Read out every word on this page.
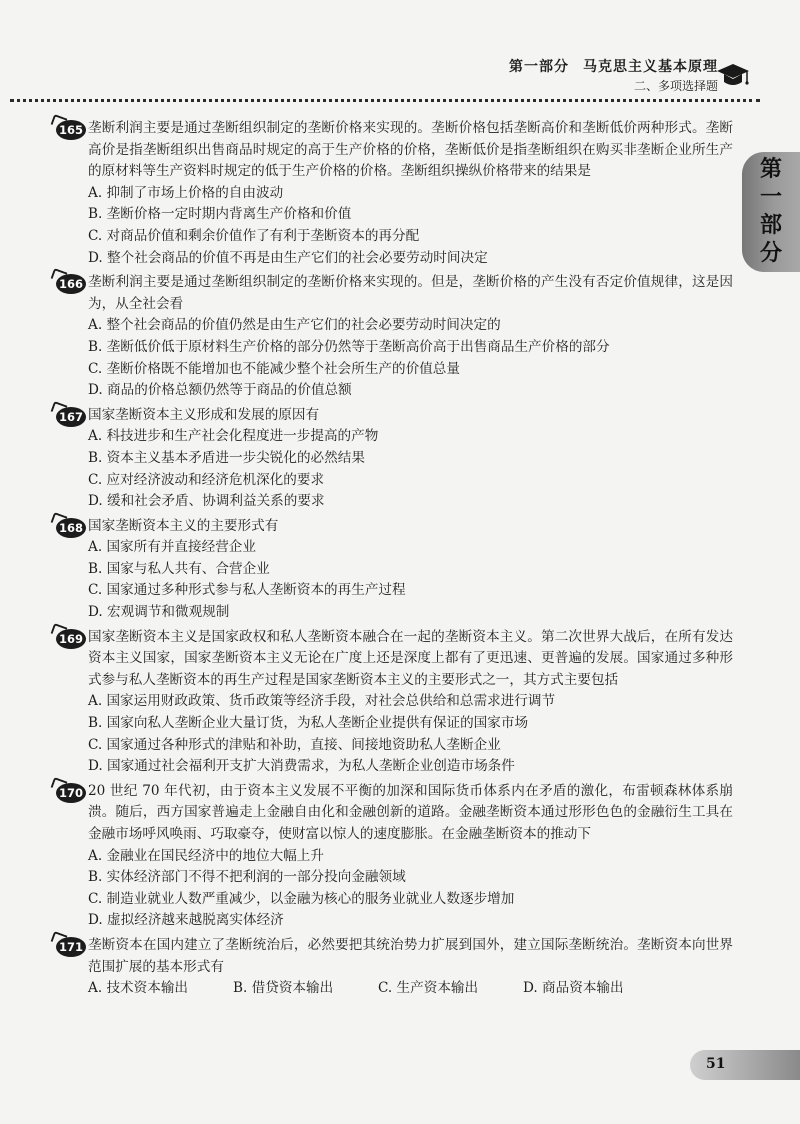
第一部分 马克思主义基本原理
二、多项选择题
第
一
部
分
165 垄断利润主要是通过垄断组织制定的垄断价格来实现的。垄断价格包括垄断高价和垄断低价两种形式。垄断高价是指垄断组织出售商品时规定的高于生产价格的价格，垄断低价是指垄断组织在购买非垄断企业所生产的原材料等生产资料时规定的低于生产价格的价格。垄断组织操纵价格带来的结果是
A. 抑制了市场上价格的自由波动
B. 垄断价格一定时期内背离生产价格和价值
C. 对商品价值和剩余价值作了有利于垄断资本的再分配
D. 整个社会商品的价值不再是由生产它们的社会必要劳动时间决定
166 垄断利润主要是通过垄断组织制定的垄断价格来实现的。但是，垄断价格的产生没有否定价值规律，这是因为，从全社会看
A. 整个社会商品的价值仍然是由生产它们的社会必要劳动时间决定的
B. 垄断低价低于原材料生产价格的部分仍然等于垄断高价高于出售商品生产价格的部分
C. 垄断价格既不能增加也不能减少整个社会所生产的价值总量
D. 商品的价格总额仍然等于商品的价值总额
167 国家垄断资本主义形成和发展的原因有
A. 科技进步和生产社会化程度进一步提高的产物
B. 资本主义基本矛盾进一步尖锐化的必然结果
C. 应对经济波动和经济危机深化的要求
D. 缓和社会矛盾、协调利益关系的要求
168 国家垄断资本主义的主要形式有
A. 国家所有并直接经营企业
B. 国家与私人共有、合营企业
C. 国家通过多种形式参与私人垄断资本的再生产过程
D. 宏观调节和微观规制
169 国家垄断资本主义是国家政权和私人垄断资本融合在一起的垄断资本主义。第二次世界大战后，在所有发达资本主义国家，国家垄断资本主义无论在广度上还是深度上都有了更迅速、更普遍的发展。国家通过多种形式参与私人垄断资本的再生产过程是国家垄断资本主义的主要形式之一，其方式主要包括
A. 国家运用财政政策、货币政策等经济手段，对社会总供给和总需求进行调节
B. 国家向私人垄断企业大量订货，为私人垄断企业提供有保证的国家市场
C. 国家通过各种形式的津贴和补助，直接、间接地资助私人垄断企业
D. 国家通过社会福利开支扩大消费需求，为私人垄断企业创造市场条件
170 20 世纪 70 年代初，由于资本主义发展不平衡的加深和国际货币体系内在矛盾的激化，布雷顿森林体系崩溃。随后，西方国家普遍走上金融自由化和金融创新的道路。金融垄断资本通过形形色色的金融衍生工具在金融市场呼风唤雨、巧取豪夺，使财富以惊人的速度膨胀。在金融垄断资本的推动下
A. 金融业在国民经济中的地位大幅上升
B. 实体经济部门不得不把利润的一部分投向金融领域
C. 制造业就业人数严重减少，以金融为核心的服务业就业人数逐步增加
D. 虚拟经济越来越脱离实体经济
171 垄断资本在国内建立了垄断统治后，必然要把其统治势力扩展到国外，建立国际垄断统治。垄断资本向世界范围扩展的基本形式有
A. 技术资本输出	B. 借贷资本输出	C. 生产资本输出	D. 商品资本输出
51
